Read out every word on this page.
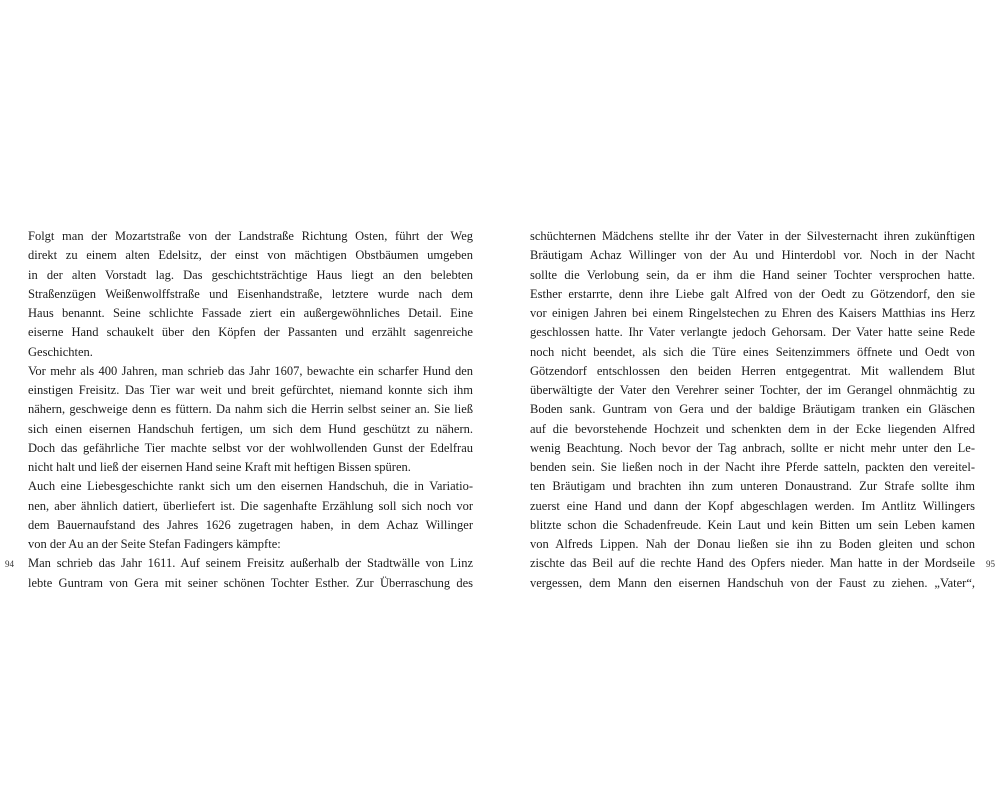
Folgt man der Mozartstraße von der Landstraße Richtung Osten, führt der Weg
direkt zu einem alten Edelsitz, der einst von mächtigen Obstbäumen umgeben
in der alten Vorstadt lag. Das geschichtsträchtige Haus liegt an den belebten
Straßenzügen Weißenwolffstraße und Eisenhandstraße, letztere wurde nach dem
Haus benannt. Seine schlichte Fassade ziert ein außergewöhnliches Detail. Eine
eiserne Hand schaukelt über den Köpfen der Passanten und erzählt sagenreiche
Geschichten.
Vor mehr als 400 Jahren, man schrieb das Jahr 1607, bewachte ein scharfer Hund den
einstigen Freisitz. Das Tier war weit und breit gefürchtet, niemand konnte sich ihm
nähern, geschweige denn es füttern. Da nahm sich die Herrin selbst seiner an. Sie ließ
sich einen eisernen Handschuh fertigen, um sich dem Hund geschützt zu nähern.
Doch das gefährliche Tier machte selbst vor der wohlwollenden Gunst der Edelfrau
nicht halt und ließ der eisernen Hand seine Kraft mit heftigen Bissen spüren.
Auch eine Liebesgeschichte rankt sich um den eisernen Handschuh, die in Variatio-
nen, aber ähnlich datiert, überliefert ist. Die sagenhafte Erzählung soll sich noch vor
dem Bauernaufstand des Jahres 1626 zugetragen haben, in dem Achaz Willinger
von der Au an der Seite Stefan Fadingers kämpfte:
Man schrieb das Jahr 1611. Auf seinem Freisitz außerhalb der Stadtwälle von Linz
lebte Guntram von Gera mit seiner schönen Tochter Esther. Zur Überraschung des
94
schüchternen Mädchens stellte ihr der Vater in der Silvesternacht ihren zukünftigen
Bräutigam Achaz Willinger von der Au und Hinterdobl vor. Noch in der Nacht
sollte die Verlobung sein, da er ihm die Hand seiner Tochter versprochen hatte.
Esther erstarrte, denn ihre Liebe galt Alfred von der Oedt zu Götzendorf, den sie
vor einigen Jahren bei einem Ringelstechen zu Ehren des Kaisers Matthias ins Herz
geschlossen hatte. Ihr Vater verlangte jedoch Gehorsam. Der Vater hatte seine Rede
noch nicht beendet, als sich die Türe eines Seitenzimmers öffnete und Oedt von
Götzendorf entschlossen den beiden Herren entgegentrat. Mit wallendem Blut
überwältigte der Vater den Verehrer seiner Tochter, der im Gerangel ohnmächtig zu
Boden sank. Guntram von Gera und der baldige Bräutigam tranken ein Gläschen
auf die bevorstehende Hochzeit und schenkten dem in der Ecke liegenden Alfred
wenig Beachtung. Noch bevor der Tag anbrach, sollte er nicht mehr unter den Le-
benden sein. Sie ließen noch in der Nacht ihre Pferde satteln, packten den vereitel-
ten Bräutigam und brachten ihn zum unteren Donaustrand. Zur Strafe sollte ihm
zuerst eine Hand und dann der Kopf abgeschlagen werden. Im Antlitz Willingers
blitzte schon die Schadenfreude. Kein Laut und kein Bitten um sein Leben kamen
von Alfreds Lippen. Nah der Donau ließen sie ihn zu Boden gleiten und schon
zischte das Beil auf die rechte Hand des Opfers nieder. Man hatte in der Mordseile
vergessen, dem Mann den eisernen Handschuh von der Faust zu ziehen. „Vater“,
95
